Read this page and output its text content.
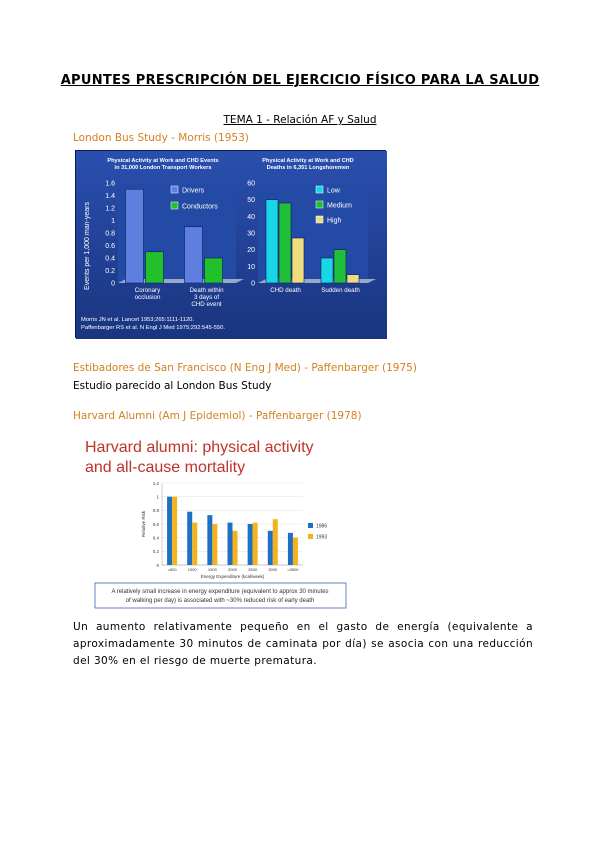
APUNTES PRESCRIPCIÓN DEL EJERCICIO FÍSICO PARA LA SALUD
TEMA 1 - Relación AF y Salud
London Bus Study - Morris (1953)
Physical Activity at Work and CHD Events
in 31,000 London Transport Workers
Physical Activity at Work and CHD
Deaths in 6,351 Longshoremen
Events per 1,000 man-years	0
0.2
0.4
0.6
0.8
1
1.2
1.4
1.6
Coronary
occlusion
Death within
3 days of
CHD event
Drivers
Conductors
0
10
20
30
40
50
60
CHD death	Sudden death
Low
Medium
High
Morris JN et al. Lancet 1953;265:1111-1120.
Paffenbarger RS et al. N Engl J Med 1975;292:545-550.
Estibadores de San Francisco (N Eng J Med) - Paffenbarger (1975)
Estudio parecido al London Bus Study
Harvard Alumni (Am J Epidemiol) - Paffenbarger (1978)
Harvard alumni: physical activity
and all-cause mortality
0
0.2
0.4
0.6
0.8
1
1.2
Relative Risk
<500	1000	1500	2000	2500	3000	>3500
Energy Expenditure (kcal/week)
1986
1993
A relatively small increase in energy expenditure (equivalent to approx 30 minutes
of walking per day) is associated with ~30% reduced risk of early death
Un aumento relativamente pequeño en el gasto de energía (equivalente a aproximadamente 30 minutos de caminata por día) se asocia con una reducción del 30% en el riesgo de muerte prematura.
